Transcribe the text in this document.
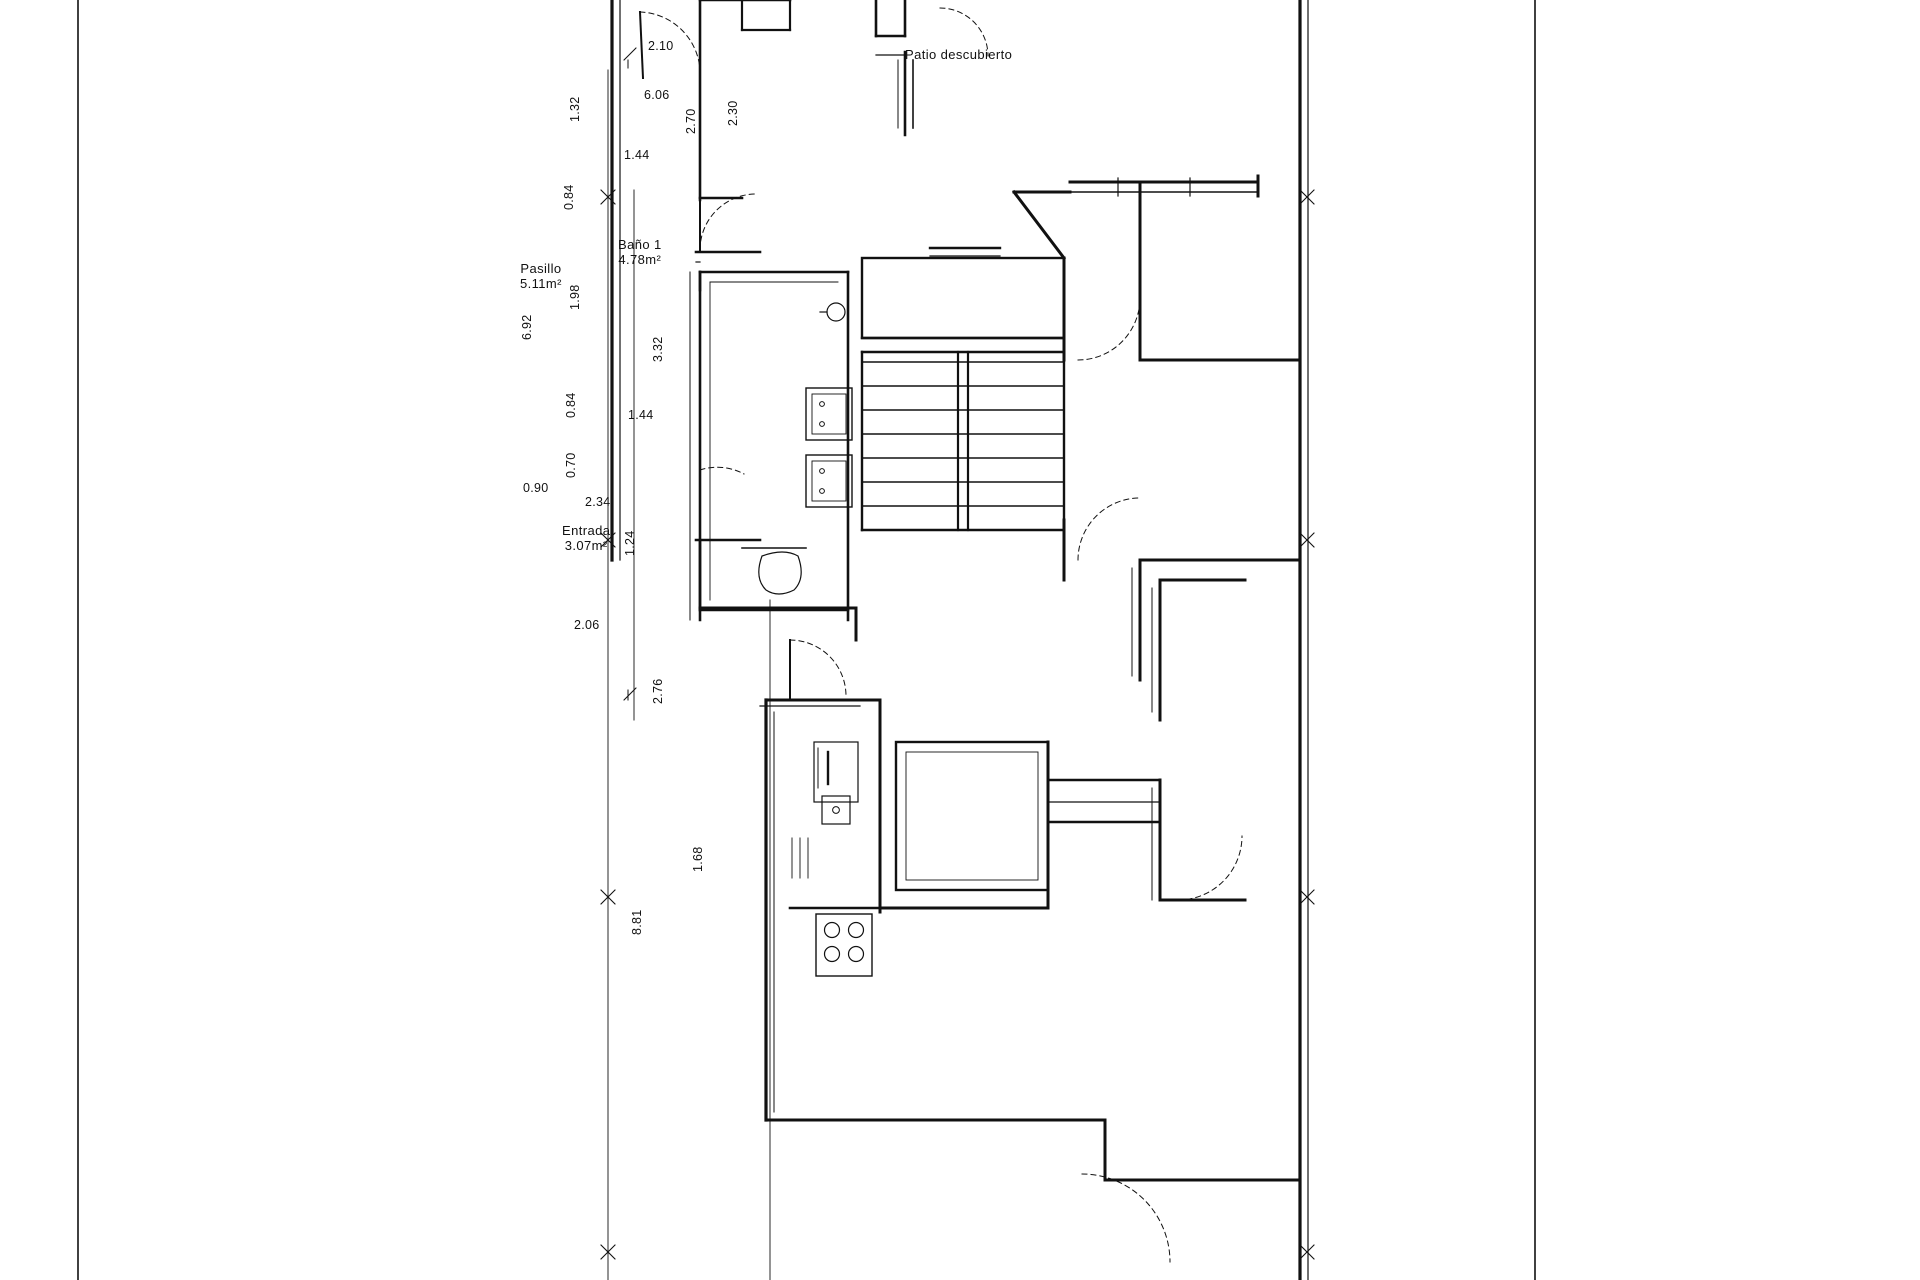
Patio descubierto
Baño 1
4.78m²
Pasillo
5.11m²
Entrada
3.07m²
2.10
6.06
1.44
1.44
0.90
2.34
2.06
1.32	2.70 2.30
0.84
6.92
1.98
3.32
0.84
0.70
1.24
2.76
1.68
8.81
